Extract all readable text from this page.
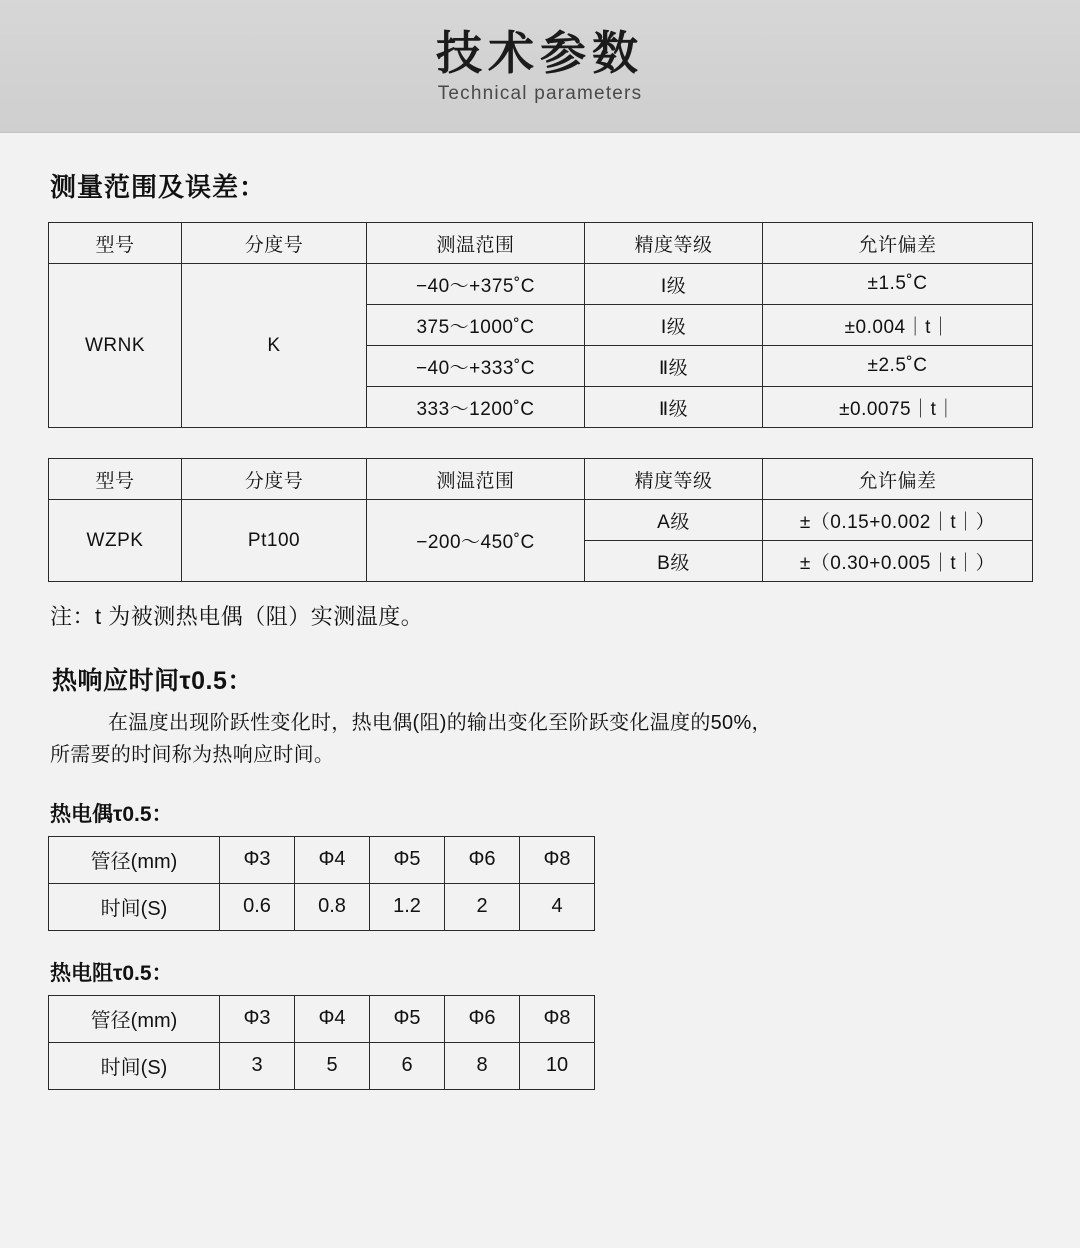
技术参数
Technical parameters
测量范围及误差：
型号	分度号	测温范围	精度等级	允许偏差
WRNK	K	−40〜+375˚C	Ⅰ级	±1.5˚C
		375〜1000˚C	Ⅰ级	±0.004｜t｜
		−40〜+333˚C	Ⅱ级	±2.5˚C
		333〜1200˚C	Ⅱ级	±0.0075｜t｜
型号	分度号	测温范围	精度等级	允许偏差
WZPK	Pt100	−200〜450˚C	A级	±（0.15+0.002｜t｜）
			B级	±（0.30+0.005｜t｜）

注：t 为被测热电偶（阻）实测温度。

热响应时间τ0.5：

在温度出现阶跃性变化时，热电偶(阻)的输出变化至阶跃变化温度的50%，
所需要的时间称为热响应时间。

热电偶τ0.5：
管径(mm)	Φ3	Φ4	Φ5	Φ6	Φ8
时间(S)	0.6	0.8	1.2	2	4
热电阻τ0.5：
管径(mm)	Φ3	Φ4	Φ5	Φ6	Φ8
时间(S)	3	5	6	8	10
